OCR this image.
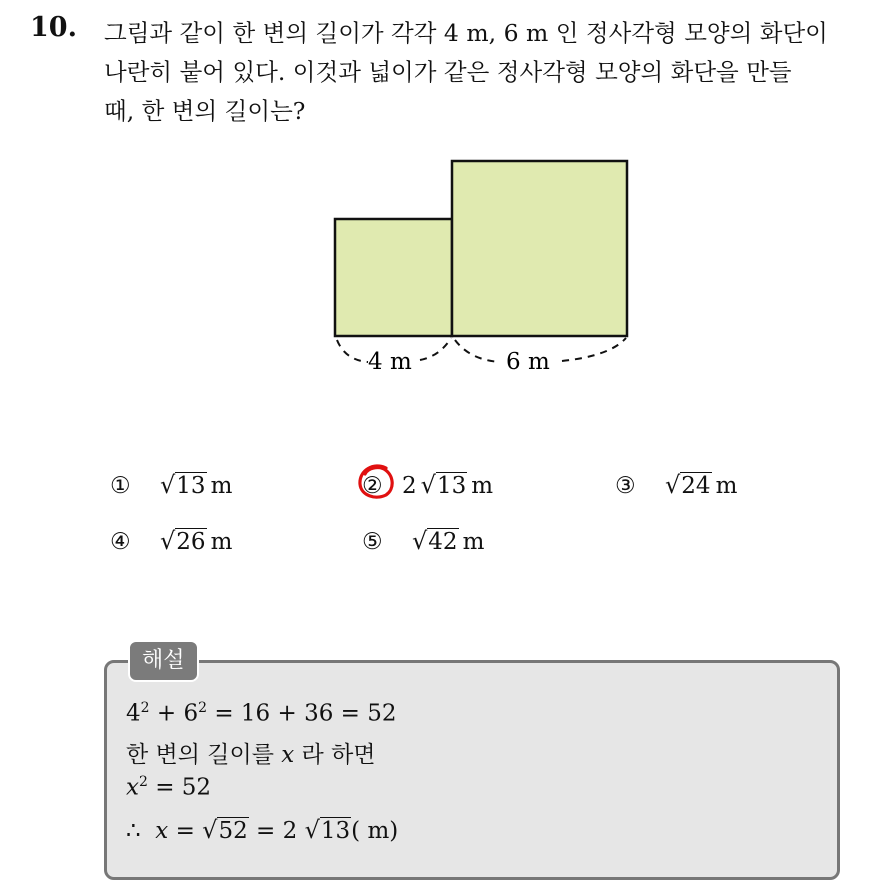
10. 그림과 같이 한 변의 길이가 각각 4 m, 6 m 인 정사각형 모양의 화단이
나란히 붙어 있다. 이것과 넓이가 같은 정사각형 모양의 화단을 만들
때, 한 변의 길이는?

4 m	6 m
① √13 m	② 2 √13 m	③ √24 m
④ √26 m	⑤ √42 m
해설
$4^2 + 6^2 = 16 + 36 = 52$
한 변의 길이를 x 라 하면
$x^2 = 52$
∴ x = √52 = 2 √13( m)
